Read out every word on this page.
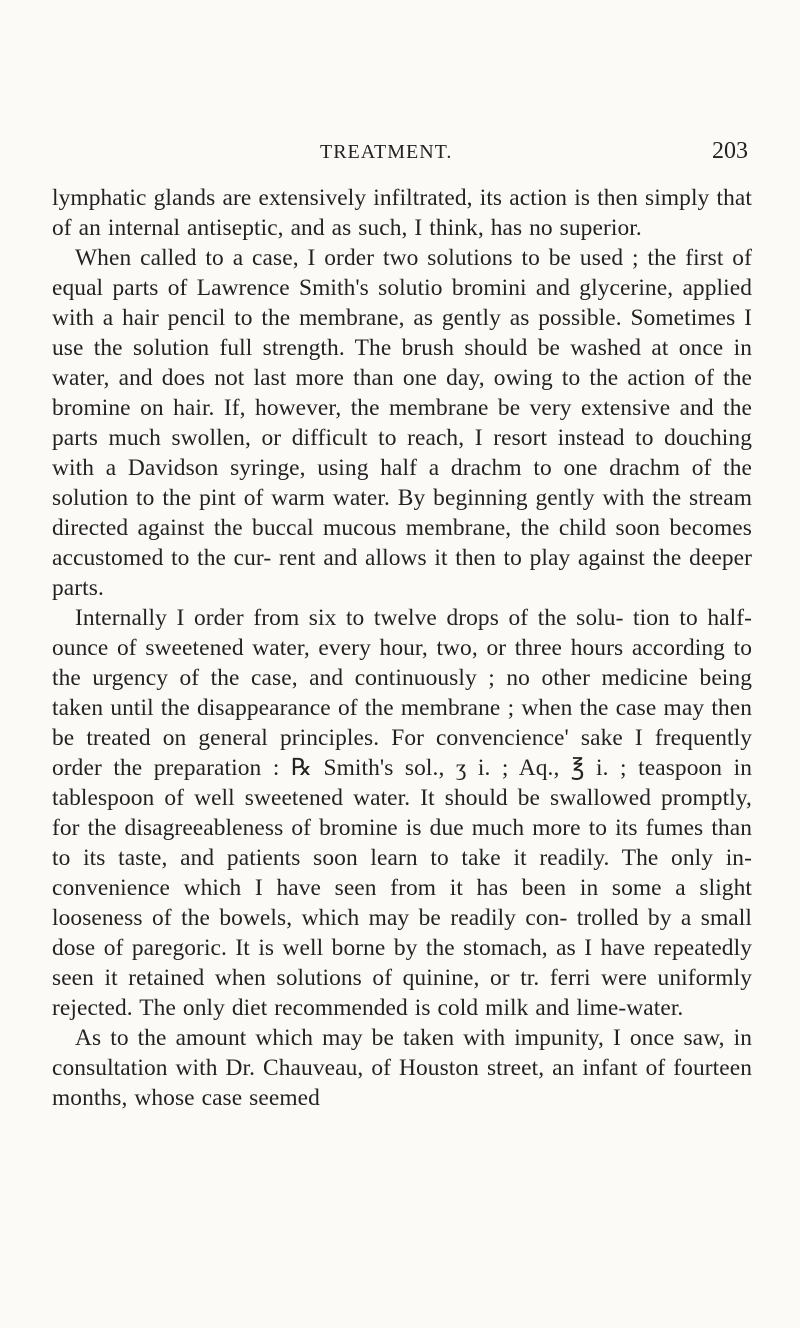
TREATMENT.	203

lymphatic glands are extensively infiltrated, its action is then simply that of an internal antiseptic, and as such, I think, has no superior.

When called to a case, I order two solutions to be used ; the first of equal parts of Lawrence Smith's solutio bromini and glycerine, applied with a hair pencil to the membrane, as gently as possible. Sometimes I use the solution full strength. The brush should be washed at once in water, and does not last more than one day, owing to the action of the bromine on hair. If, however, the membrane be very extensive and the parts much swollen, or difficult to reach, I resort instead to douching with a Davidson syringe, using half a drachm to one drachm of the solution to the pint of warm water. By beginning gently with the stream directed against the buccal mucous membrane, the child soon becomes accustomed to the cur- rent and allows it then to play against the deeper parts.

Internally I order from six to twelve drops of the solu- tion to half-ounce of sweetened water, every hour, two, or three hours according to the urgency of the case, and continuously ; no other medicine being taken until the disappearance of the membrane ; when the case may then be treated on general principles. For convencience' sake I frequently order the preparation : ℞ Smith's sol., ʒ i. ; Aq., ℥ i. ; teaspoon in tablespoon of well sweetened water. It should be swallowed promptly, for the disagreeableness of bromine is due much more to its fumes than to its taste, and patients soon learn to take it readily. The only in- convenience which I have seen from it has been in some a slight looseness of the bowels, which may be readily con- trolled by a small dose of paregoric. It is well borne by the stomach, as I have repeatedly seen it retained when solutions of quinine, or tr. ferri were uniformly rejected. The only diet recommended is cold milk and lime-water.

As to the amount which may be taken with impunity, I once saw, in consultation with Dr. Chauveau, of Houston street, an infant of fourteen months, whose case seemed
